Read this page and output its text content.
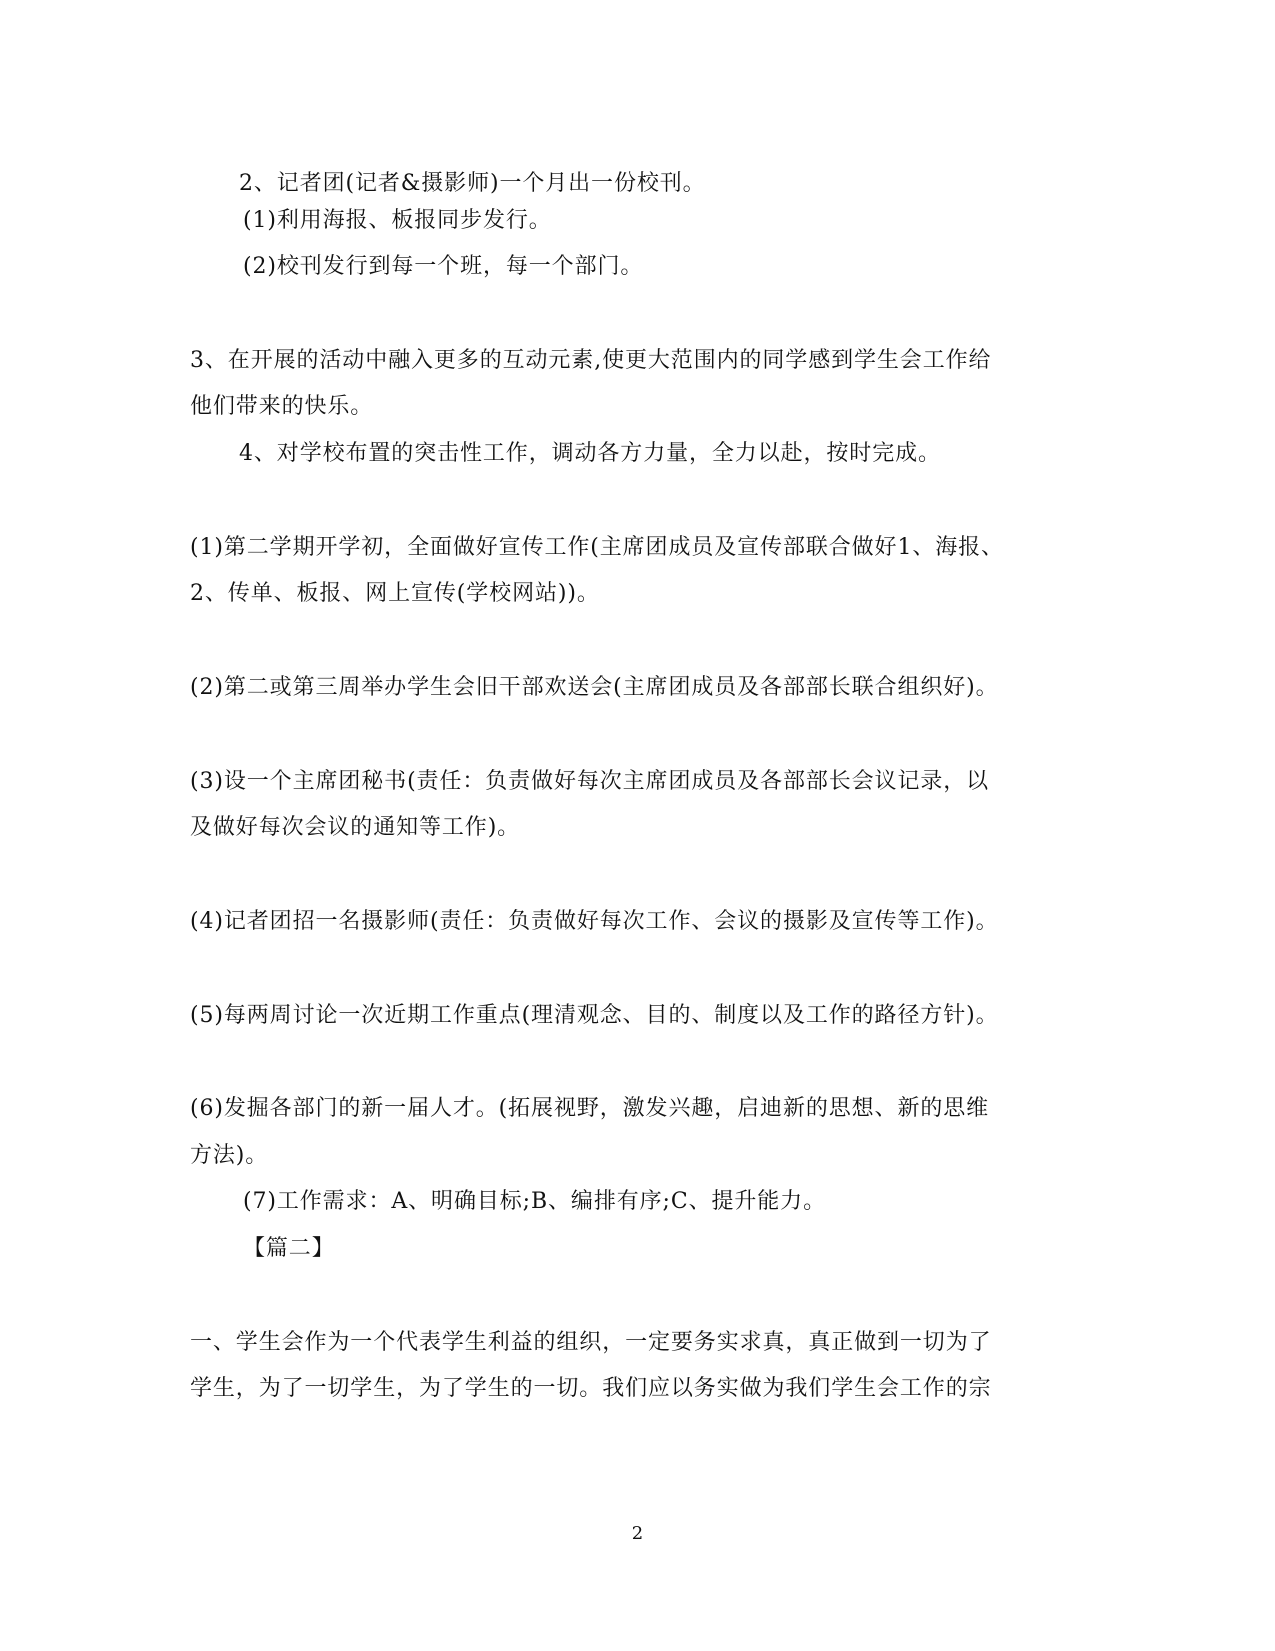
2、记者团(记者&摄影师)一个月出一份校刊。

(1)利用海报、板报同步发行。

(2)校刊发行到每一个班，每一个部门。

3、在开展的活动中融入更多的互动元素,使更大范围内的同学感到学生会工作给

他们带来的快乐。

4、对学校布置的突击性工作，调动各方力量，全力以赴，按时完成。

(1)第二学期开学初，全面做好宣传工作(主席团成员及宣传部联合做好1、海报、

2、传单、板报、网上宣传(学校网站))。

(2)第二或第三周举办学生会旧干部欢送会(主席团成员及各部部长联合组织好)。

(3)设一个主席团秘书(责任：负责做好每次主席团成员及各部部长会议记录，以

及做好每次会议的通知等工作)。

(4)记者团招一名摄影师(责任：负责做好每次工作、会议的摄影及宣传等工作)。

(5)每两周讨论一次近期工作重点(理清观念、目的、制度以及工作的路径方针)。

(6)发掘各部门的新一届人才。(拓展视野，激发兴趣，启迪新的思想、新的思维

方法)。

(7)工作需求：A、明确目标;B、编排有序;C、提升能力。

【篇二】

一、学生会作为一个代表学生利益的组织，一定要务实求真，真正做到一切为了

学生，为了一切学生，为了学生的一切。我们应以务实做为我们学生会工作的宗

2
